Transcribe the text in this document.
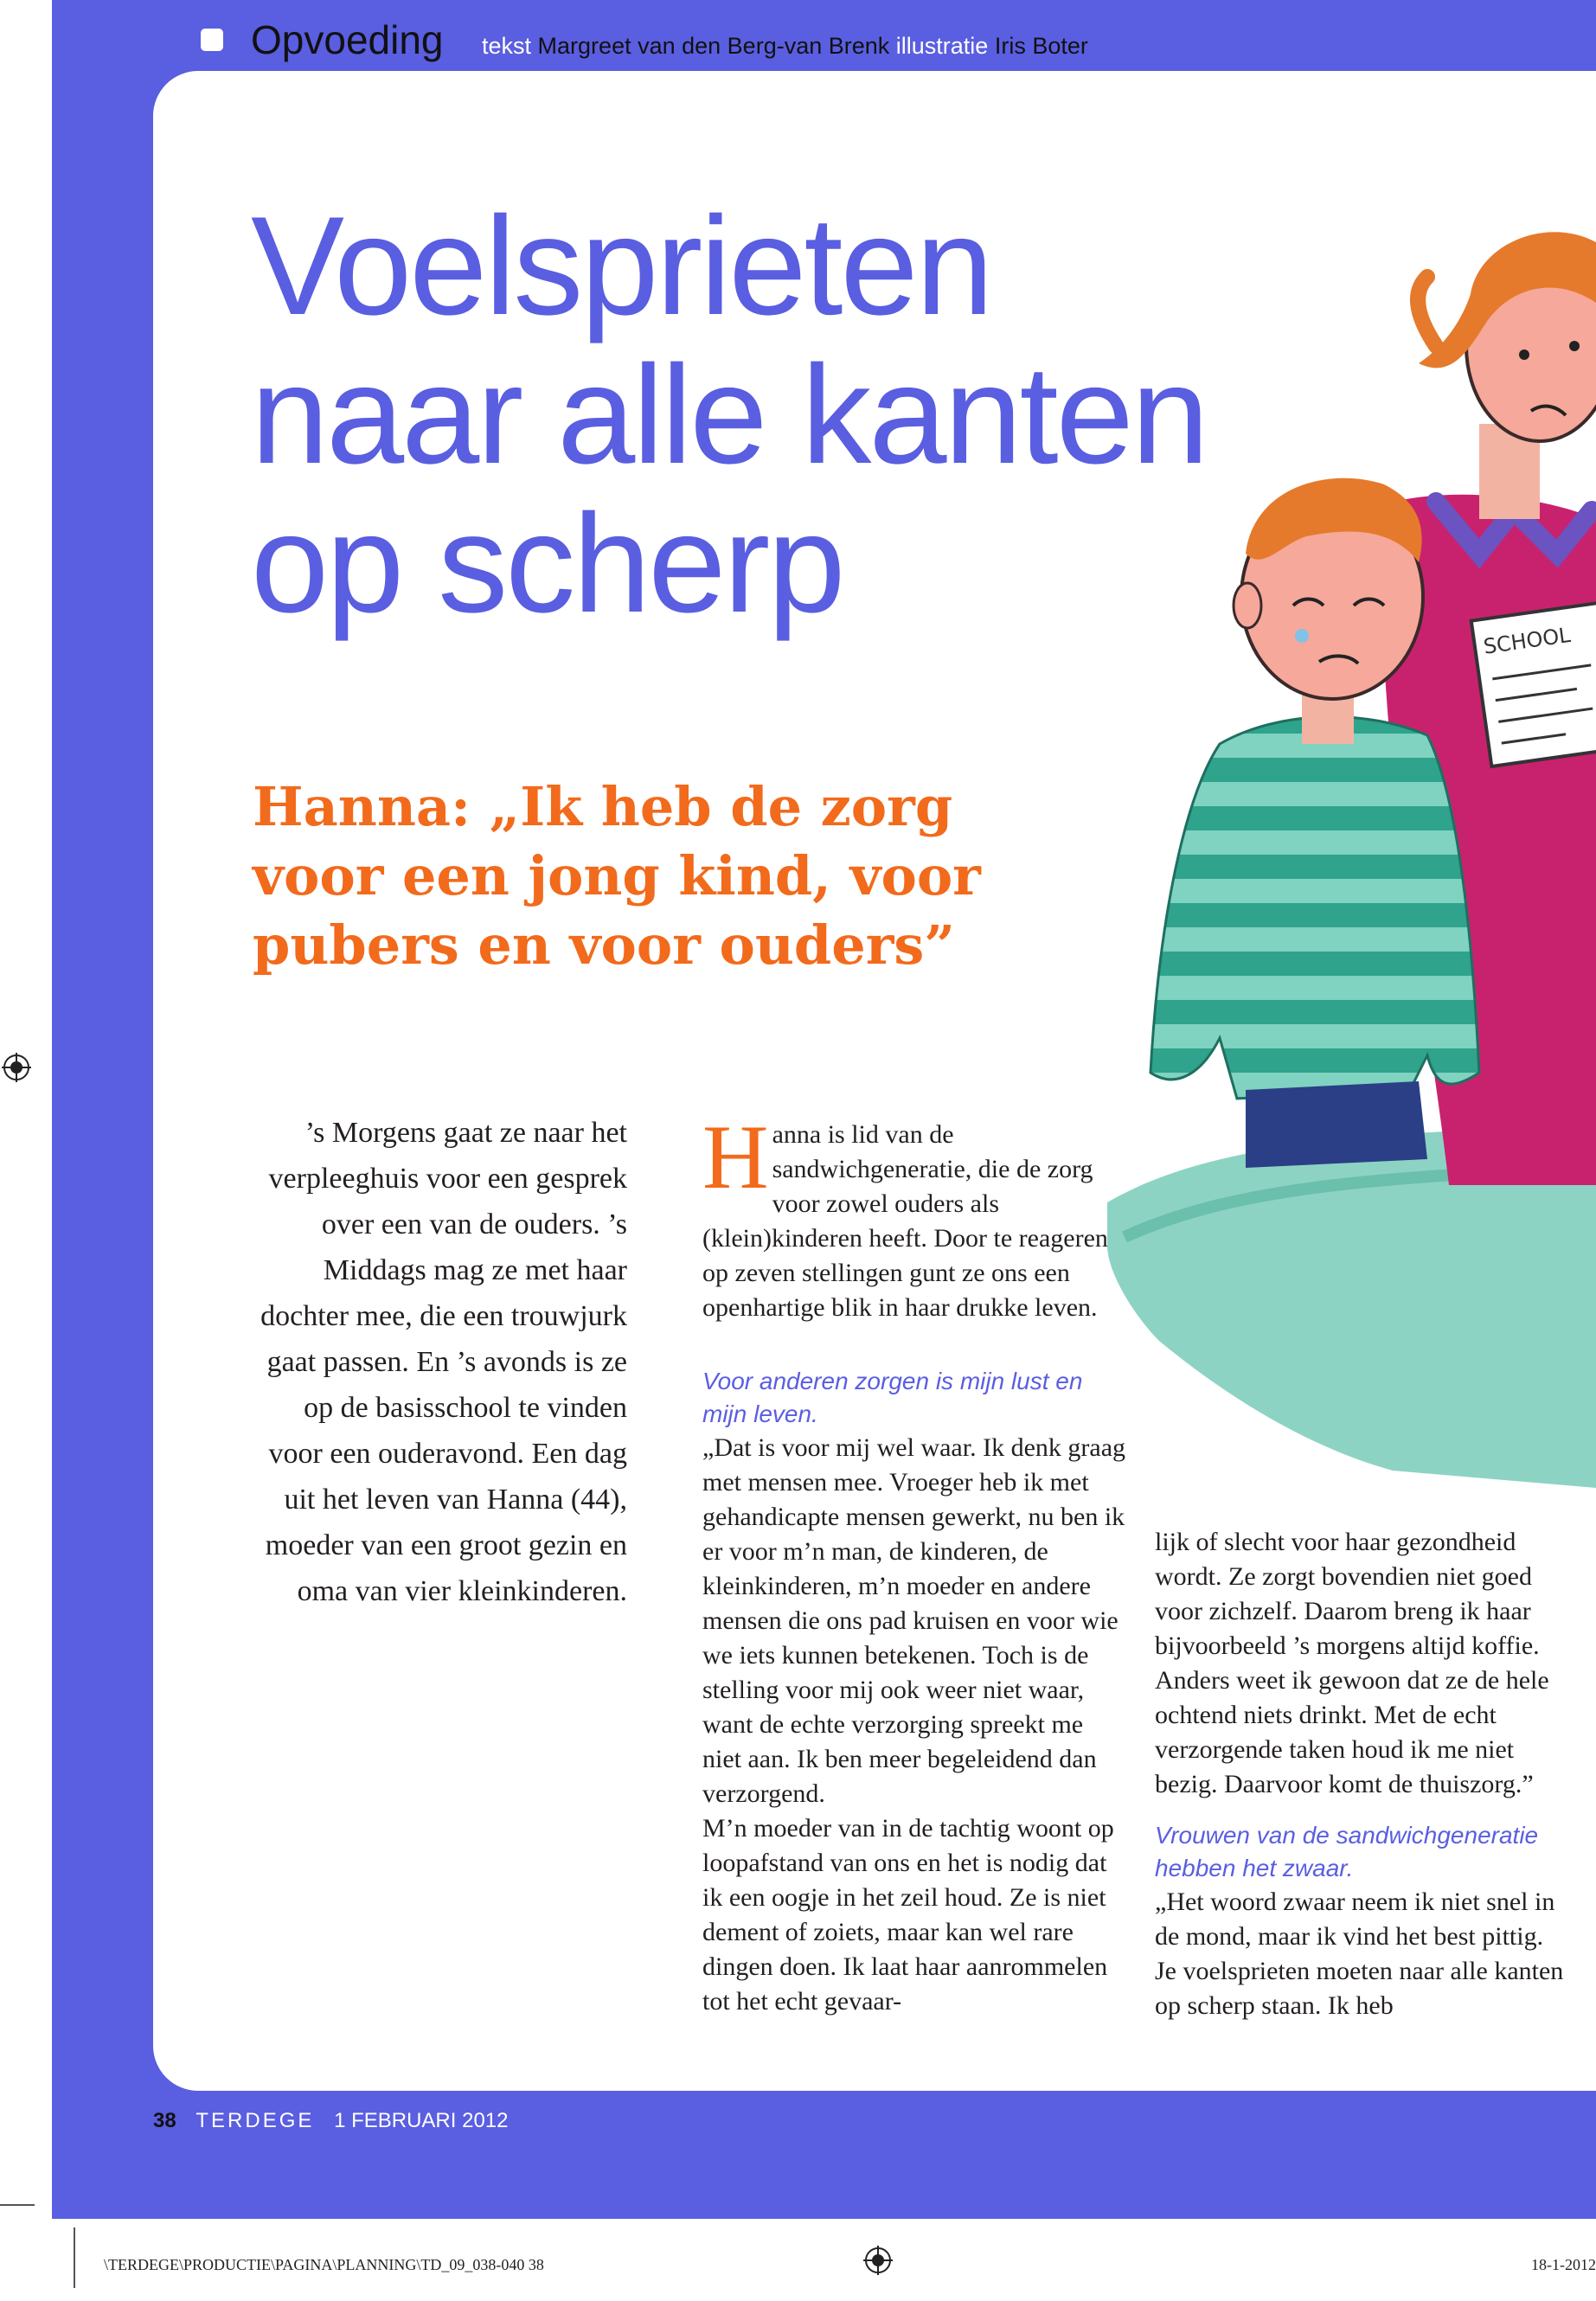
Opvoeding tekst Margreet van den Berg-van Brenk illustratie Iris Boter
SCHOOL
Voelsprieten
naar alle kanten
op scherp
Hanna: „Ik heb de zorg voor een jong kind, voor pubers en voor ouders”
’s Morgens gaat ze naar het verpleeghuis voor een gesprek over een van de ouders. ’s Middags mag ze met haar dochter mee, die een trouwjurk gaat passen. En ’s avonds is ze op de basisschool te vinden voor een ouderavond. Een dag uit het leven van Hanna (44), moeder van een groot gezin en oma van vier kleinkinderen.

Hanna is lid van de sandwichgeneratie, die de zorg voor zowel ouders als (klein)kinderen heeft. Door te reageren op zeven stellingen gunt ze ons een openhartige blik in haar drukke leven.

Voor anderen zorgen is mijn lust en mijn leven.

„Dat is voor mij wel waar. Ik denk graag met mensen mee. Vroeger heb ik met gehandicapte mensen gewerkt, nu ben ik er voor m’n man, de kinderen, de kleinkinderen, m’n moeder en andere mensen die ons pad kruisen en voor wie we iets kunnen betekenen. Toch is de stelling voor mij ook weer niet waar, want de echte verzorging spreekt me niet aan. Ik ben meer begeleidend dan verzorgend.

M’n moeder van in de tachtig woont op loopafstand van ons en het is nodig dat ik een oogje in het zeil houd. Ze is niet dement of zoiets, maar kan wel rare dingen doen. Ik laat haar aanrommelen tot het echt gevaar-

lijk of slecht voor haar gezondheid wordt. Ze zorgt bovendien niet goed voor zichzelf. Daarom breng ik haar bijvoorbeeld ’s morgens altijd koffie. Anders weet ik gewoon dat ze de hele ochtend niets drinkt. Met de echt verzorgende taken houd ik me niet bezig. Daarvoor komt de thuiszorg.”

Vrouwen van de sandwichgeneratie hebben het zwaar.

„Het woord zwaar neem ik niet snel in de mond, maar ik vind het best pittig. Je voelsprieten moeten naar alle kanten op scherp staan. Ik heb

38 TERDEGE 1 FEBRUARI 2012
\TERDEGE\PRODUCTIE\PAGINA\PLANNING\TD_09_038-040 38	18-1-2012
